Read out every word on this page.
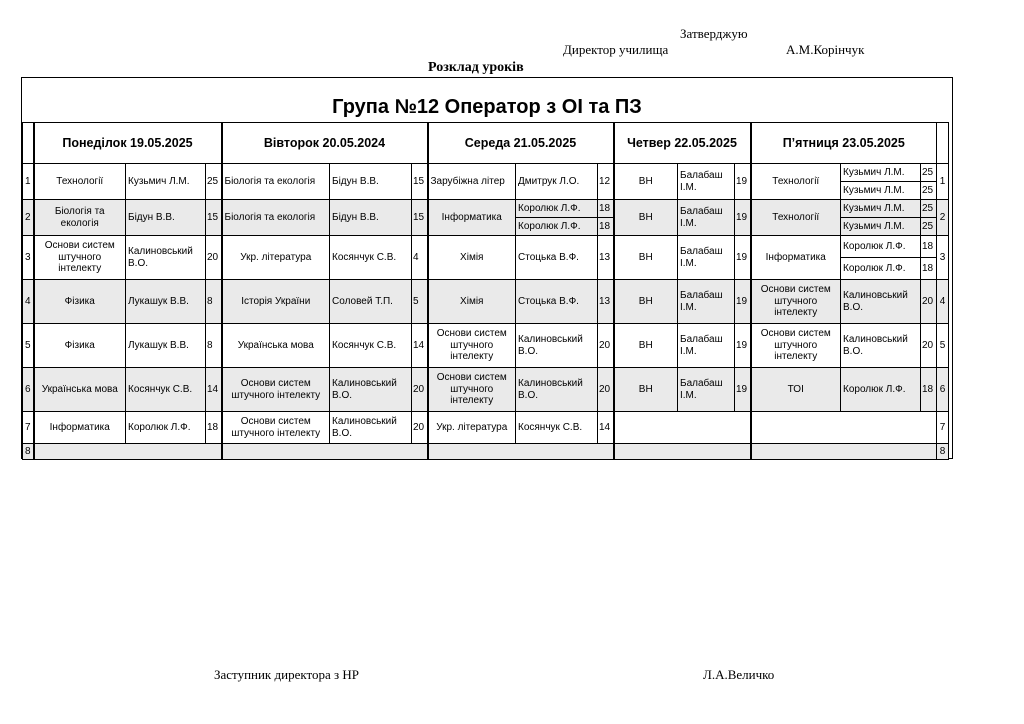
Затверджую
Директор училища	А.М.Корінчук
Розклад уроків
Група №12 Оператор з ОІ та ПЗ
	Понеділок 19.05.2025			Вівторок 20.05.2024			Середа 21.05.2025			Четвер 22.05.2025			П’ятниця 23.05.2025			
1	Технології	Кузьмич Л.М.	25	Біологія та екологія	Бідун В.В.	15	Зарубіжна літер	Дмитрук Л.О.	12	ВН	Балабаш І.М.	19	Технології	Кузьмич Л.М.	25	1
														Кузьмич Л.М.	25	
2	Біологія та екологія	Бідун В.В.	15	Біологія та екологія	Бідун В.В.	15	Інформатика	Королюк Л.Ф.	18	ВН	Балабаш І.М.	19	Технології	Кузьмич Л.М.	25	2
								Королюк Л.Ф.	18					Кузьмич Л.М.	25	
3	Основи систем штучного інтелекту	Калиновський В.О.	20	Укр. література	Косянчук С.В.	4	Хімія	Стоцька В.Ф.	13	ВН	Балабаш І.М.	19	Інформатика	Королюк Л.Ф.	18	3
														Королюк Л.Ф.	18	
4	Фізика	Лукашук В.В.	8	Історія України	Соловей Т.П.	5	Хімія	Стоцька В.Ф.	13	ВН	Балабаш І.М.	19	Основи систем штучного інтелекту	Калиновський В.О.	20	4
5	Фізика	Лукашук В.В.	8	Українська мова	Косянчук С.В.	14	Основи систем штучного інтелекту	Калиновський В.О.	20	ВН	Балабаш І.М.	19	Основи систем штучного інтелекту	Калиновський В.О.	20	5
6	Українська мова	Косянчук С.В.	14	Основи систем штучного інтелекту	Калиновський В.О.	20	Основи систем штучного інтелекту	Калиновський В.О.	20	ВН	Балабаш І.М.	19	ТОІ	Королюк Л.Ф.	18	6
7	Інформатика	Королюк Л.Ф.	18	Основи систем штучного інтелекту	Калиновський В.О.	20	Укр. література	Косянчук С.В.	14							7
8																8
Заступник директора з НР	Л.А.Величко
